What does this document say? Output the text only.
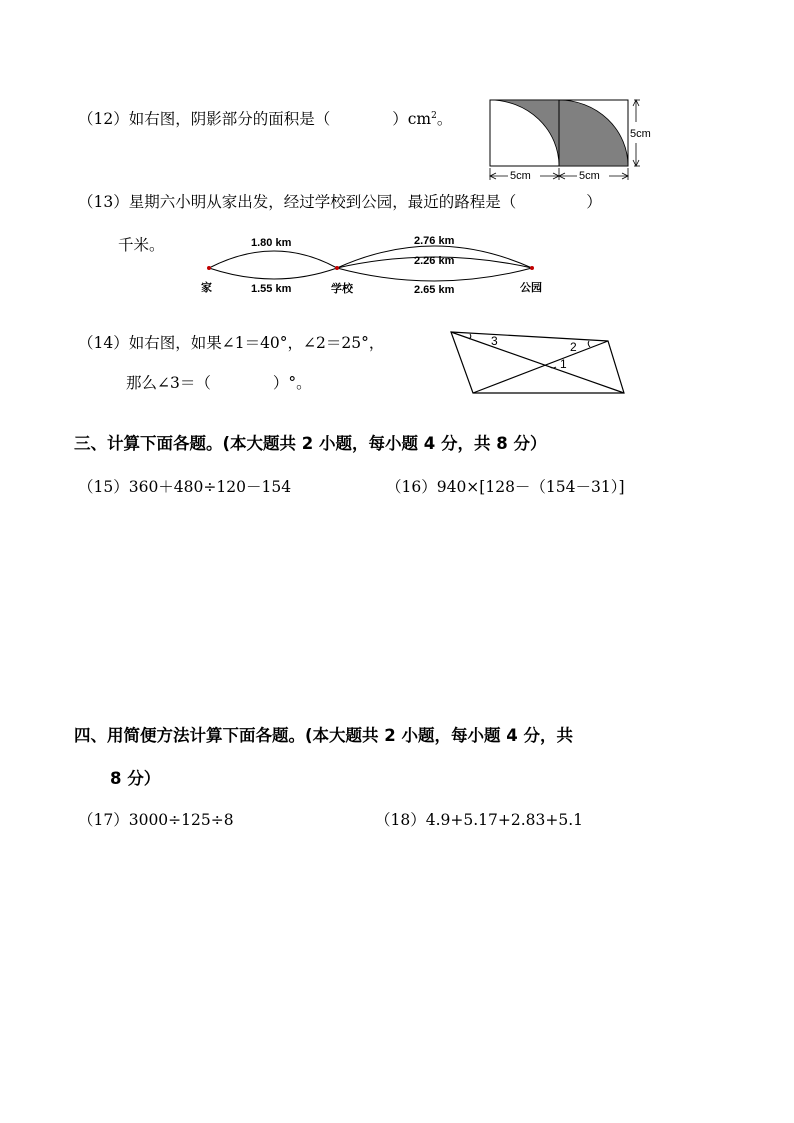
（12）如右图，阴影部分的面积是（	）$cm^2$。
5cm
5cm	5cm
（13）星期六小明从家出发，经过学校到公园，最近的路程是（	）
千米。	1.80 km
1.55 km
2.76 km
2.26 km
2.65 km
家	学校	公园
（14）如右图，如果∠1＝40°，∠2＝25°，
那么∠3＝（	）°。
3	2
1
三、计算下面各题。(本大题共 2 小题，每小题 4 分，共 8 分）
（15）360＋480÷120－154	（16）940×[128－（154－31）]
四、用简便方法计算下面各题。(本大题共 2 小题，每小题 4 分，共
8 分）
（17）3000÷125÷8	（18）4.9+5.17+2.83+5.1
